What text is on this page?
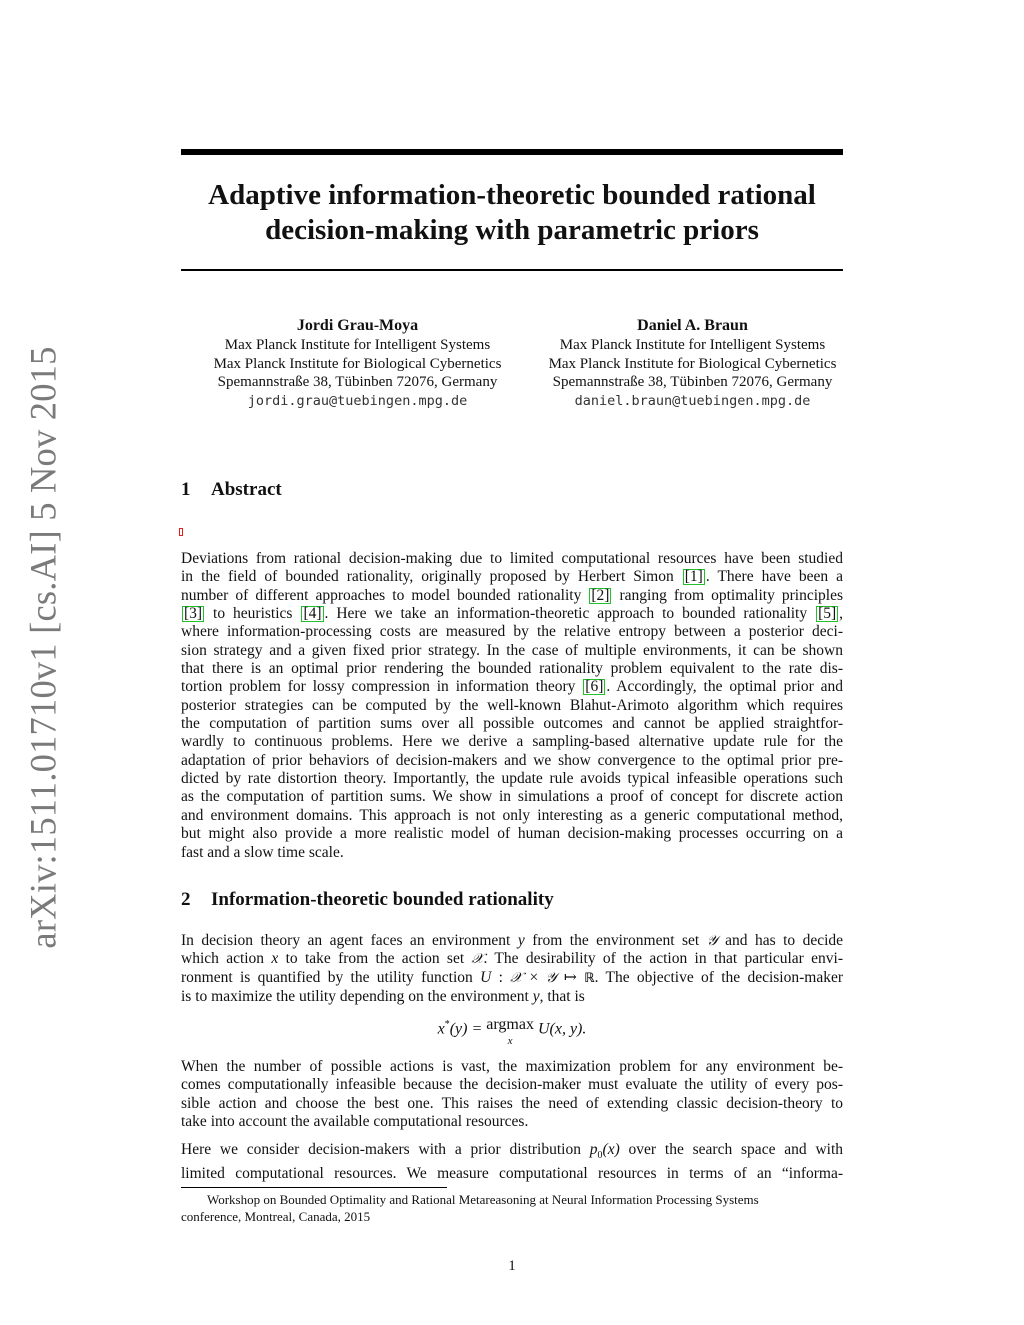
arXiv:1511.01710v1 [cs.AI] 5 Nov 2015
Adaptive information-theoretic bounded rational
decision-making with parametric priors
Jordi Grau-Moya
Max Planck Institute for Intelligent Systems
Max Planck Institute for Biological Cybernetics
Spemannstraße 38, Tübinben 72076, Germany
jordi.grau@tuebingen.mpg.de
Daniel A. Braun
Max Planck Institute for Intelligent Systems
Max Planck Institute for Biological Cybernetics
Spemannstraße 38, Tübinben 72076, Germany
daniel.braun@tuebingen.mpg.de
1 Abstract
Deviations from rational decision-making due to limited computational resources have been studied
in the field of bounded rationality, originally proposed by Herbert Simon [1] . There have been a
number of different approaches to model bounded rationality [2] ranging from optimality principles
[3] to heuristics [4] . Here we take an information-theoretic approach to bounded rationality [5] ,
where information-processing costs are measured by the relative entropy between a posterior deci-
sion strategy and a given fixed prior strategy. In the case of multiple environments, it can be shown
that there is an optimal prior rendering the bounded rationality problem equivalent to the rate dis-
tortion problem for lossy compression in information theory [6] . Accordingly, the optimal prior and
posterior strategies can be computed by the well-known Blahut-Arimoto algorithm which requires
the computation of partition sums over all possible outcomes and cannot be applied straightfor-
wardly to continuous problems. Here we derive a sampling-based alternative update rule for the
adaptation of prior behaviors of decision-makers and we show convergence to the optimal prior pre-
dicted by rate distortion theory. Importantly, the update rule avoids typical infeasible operations such
as the computation of partition sums. We show in simulations a proof of concept for discrete action
and environment domains. This approach is not only interesting as a generic computational method,
but might also provide a more realistic model of human decision-making processes occurring on a
fast and a slow time scale.
2 Information-theoretic bounded rationality
In decision theory an agent faces an environment y from the environment set 𝒴 and has to decide
which action x to take from the action set 𝒳. The desirability of the action in that particular envi-
ronment is quantified by the utility function U : 𝒳 × 𝒴 ↦ ℝ. The objective of the decision-maker
is to maximize the utility depending on the environment y, that is
x*(y) = argmax
x
U(x, y).
When the number of possible actions is vast, the maximization problem for any environment be-
comes computationally infeasible because the decision-maker must evaluate the utility of every pos-
sible action and choose the best one. This raises the need of extending classic decision-theory to
take into account the available computational resources.
Here we consider decision-makers with a prior distribution $p_0(x)$ over the search space and with
limited computational resources. We measure computational resources in terms of an “informa-

Workshop on Bounded Optimality and Rational Metareasoning at Neural Information Processing Systems
conference, Montreal, Canada, 2015

1
